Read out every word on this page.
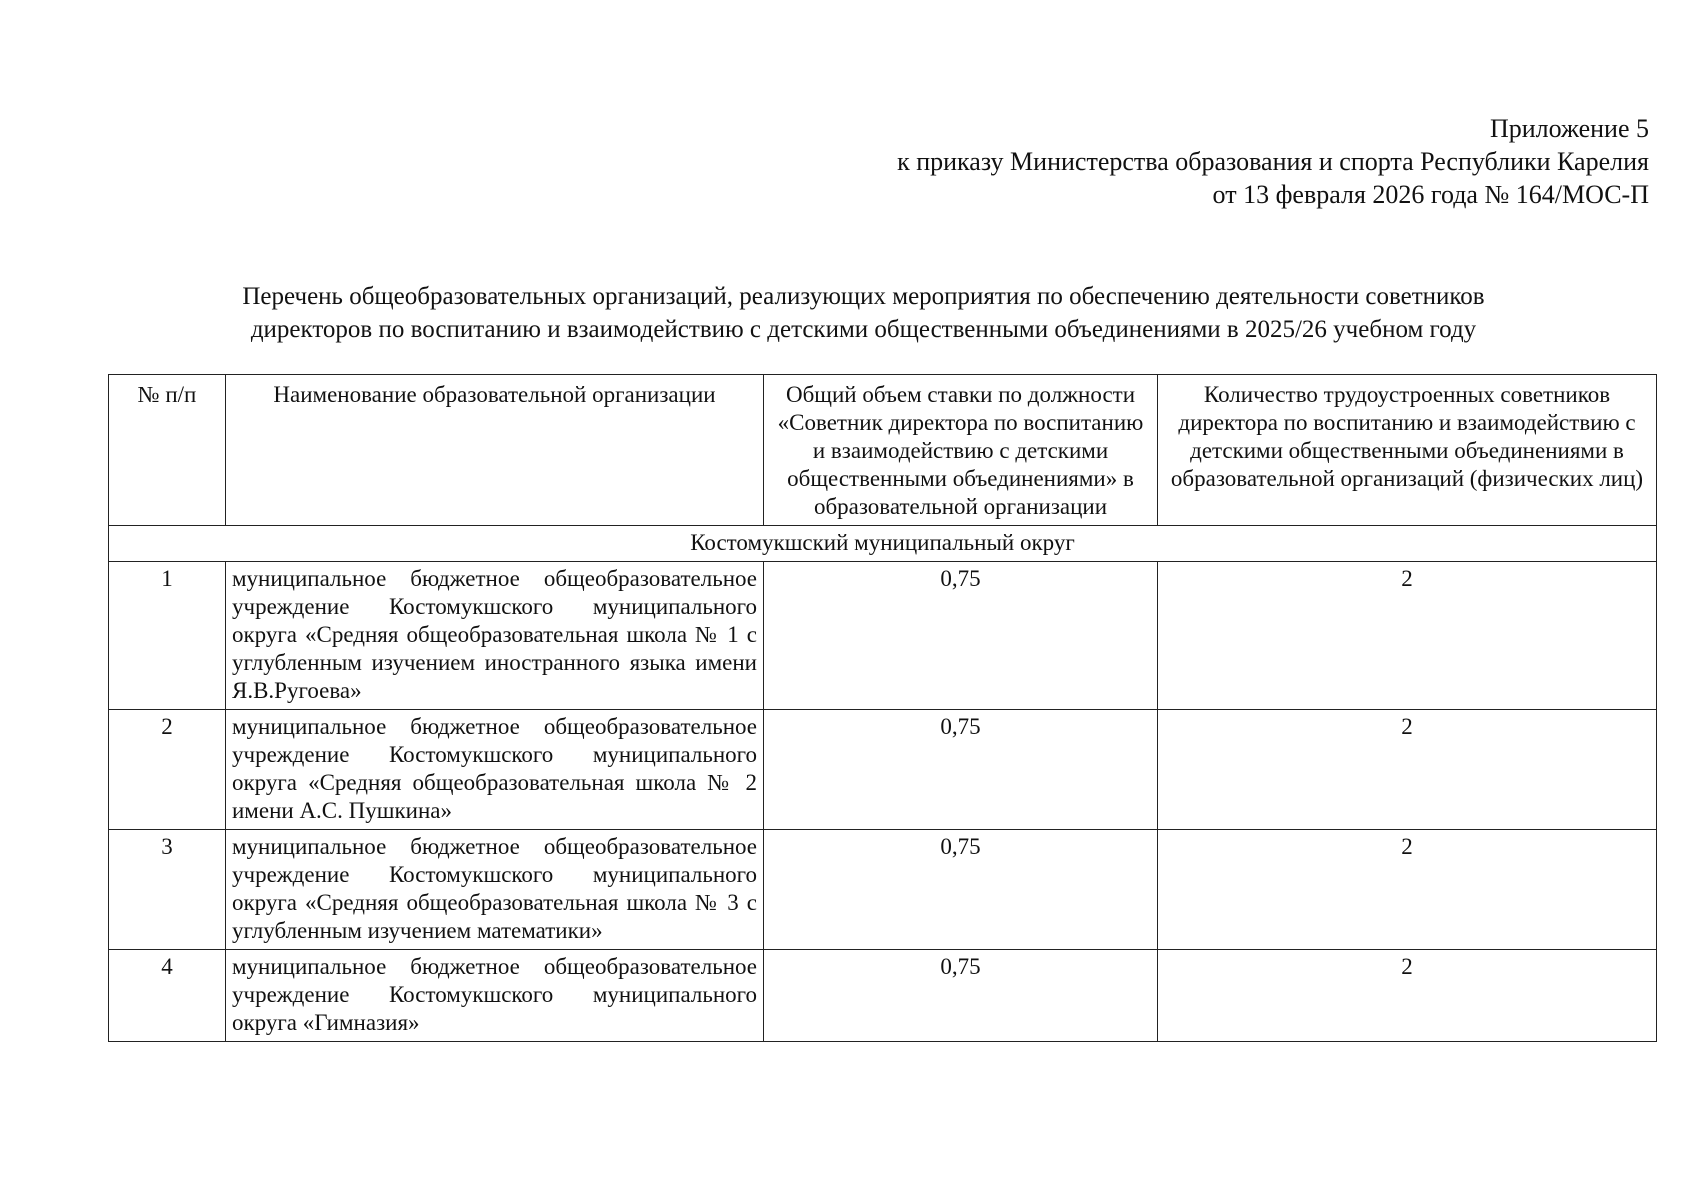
Приложение 5
к приказу Министерства образования и спорта Республики Карелия
от 13 февраля 2026 года № 164/МОС-П
Перечень общеобразовательных организаций, реализующих мероприятия по обеспечению деятельности советников
директоров по воспитанию и взаимодействию с детскими общественными объединениями в 2025/26 учебном году
№ п/п	Наименование образовательной организации	Общий объем ставки по должности «Советник директора по воспитанию и взаимодействию с детскими общественными объединениями» в образовательной организации	Количество трудоустроенных советников директора по воспитанию и взаимодействию с детскими общественными объединениями в образовательной организаций (физических лиц)
Костомукшский муниципальный округ			
1	муниципальное бюджетное общеобразовательное учреждение Костомукшского муниципального округа «Средняя общеобразовательная школа № 1 с углубленным изучением иностранного языка имени Я.В.Ругоева»	0,75	2
2	муниципальное бюджетное общеобразовательное учреждение Костомукшского муниципального округа «Средняя общеобразовательная школа № 2 имени А.С. Пушкина»	0,75	2
3	муниципальное бюджетное общеобразовательное учреждение Костомукшского муниципального округа «Средняя общеобразовательная школа № 3 с углубленным изучением математики»	0,75	2
4	муниципальное бюджетное общеобразовательное учреждение Костомукшского муниципального округа «Гимназия»	0,75	2
